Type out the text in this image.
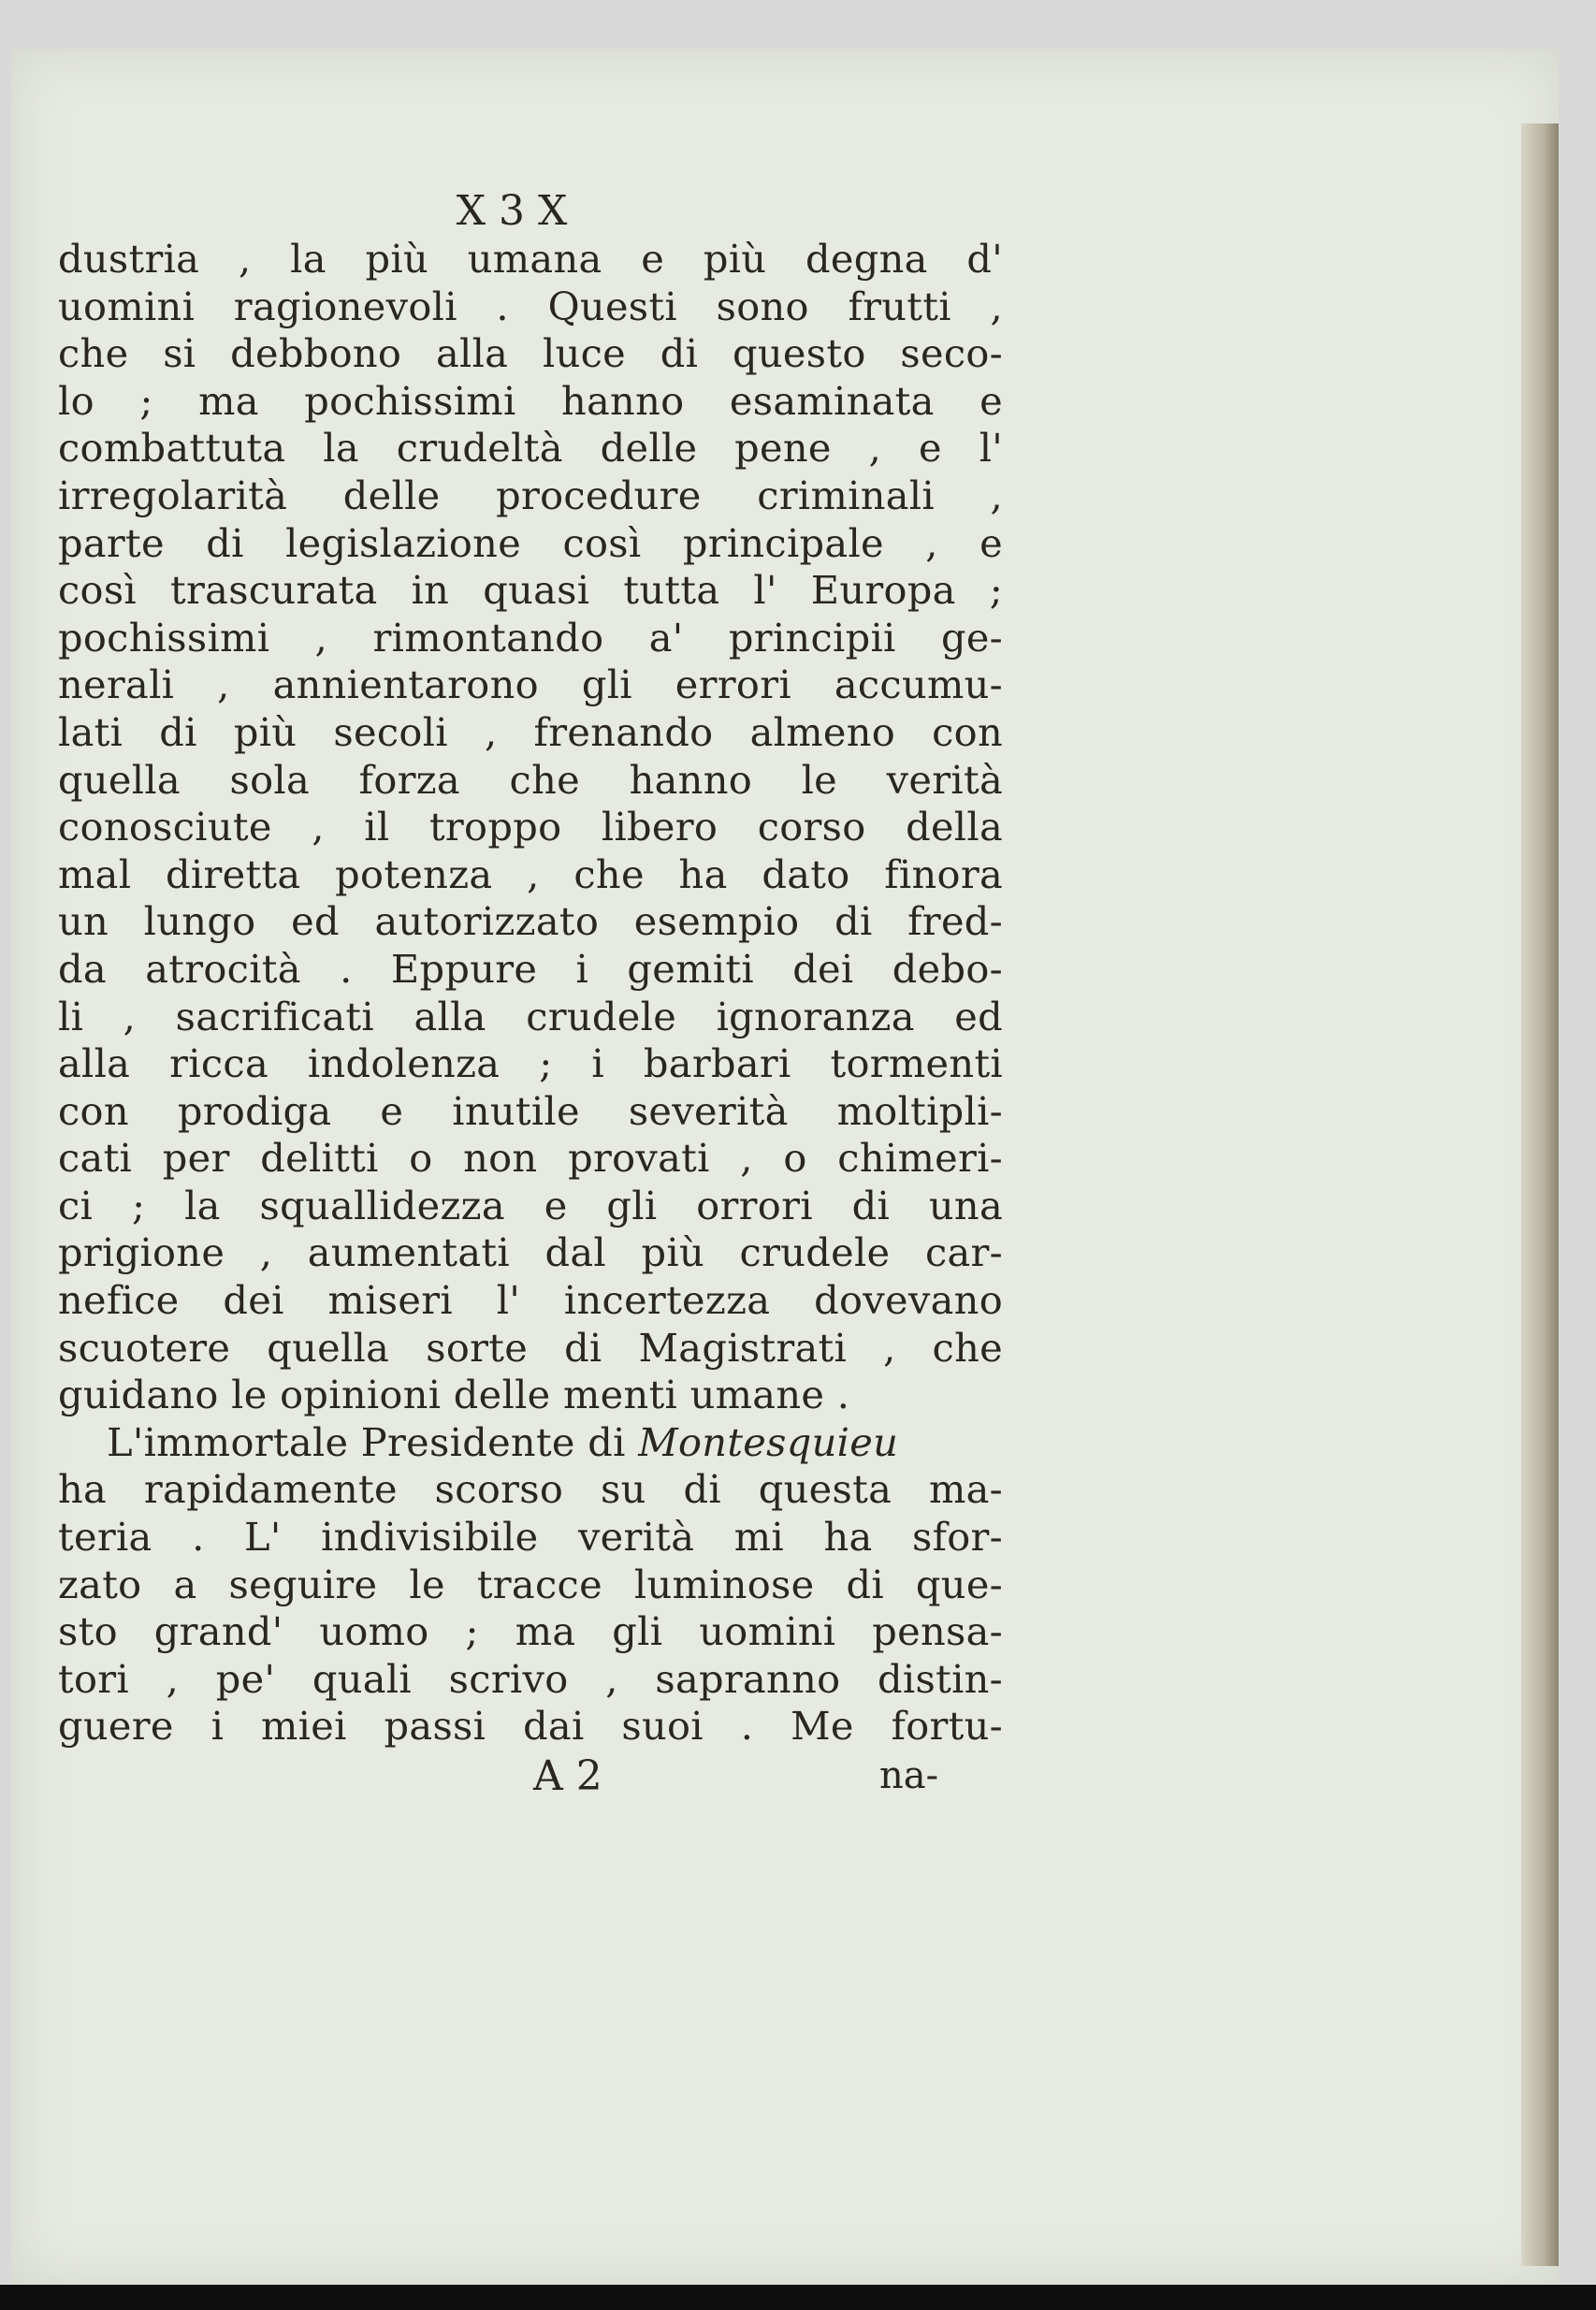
X 3 X
dustria , la più umana e più degna d'
uomini ragionevoli . Questi sono frutti ,
che si debbono alla luce di questo seco-
lo ; ma pochissimi hanno esaminata e
combattuta la crudeltà delle pene , e l'
irregolarità delle procedure criminali ,
parte di legislazione così principale , e
così trascurata in quasi tutta l' Europa ;
pochissimi , rimontando a' principii ge-
nerali , annientarono gli errori accumu-
lati di più secoli , frenando almeno con
quella sola forza che hanno le verità
conosciute , il troppo libero corso della
mal diretta potenza , che ha dato finora
un lungo ed autorizzato esempio di fred-
da atrocità . Eppure i gemiti dei debo-
li , sacrificati alla crudele ignoranza ed
alla ricca indolenza ; i barbari tormenti
con prodiga e inutile severità moltipli-
cati per delitti o non provati , o chimeri-
ci ; la squallidezza e gli orrori di una
prigione , aumentati dal più crudele car-
nefice dei miseri l' incertezza dovevano
scuotere quella sorte di Magistrati , che
guidano le opinioni delle menti umane .
L'immortale Presidente di Montesquieu
ha rapidamente scorso su di questa ma-
teria . L' indivisibile verità mi ha sfor-
zato a seguire le tracce luminose di que-
sto grand' uomo ; ma gli uomini pensa-
tori , pe' quali scrivo , sapranno distin-
guere i miei passi dai suoi . Me fortu-
A 2	na-
